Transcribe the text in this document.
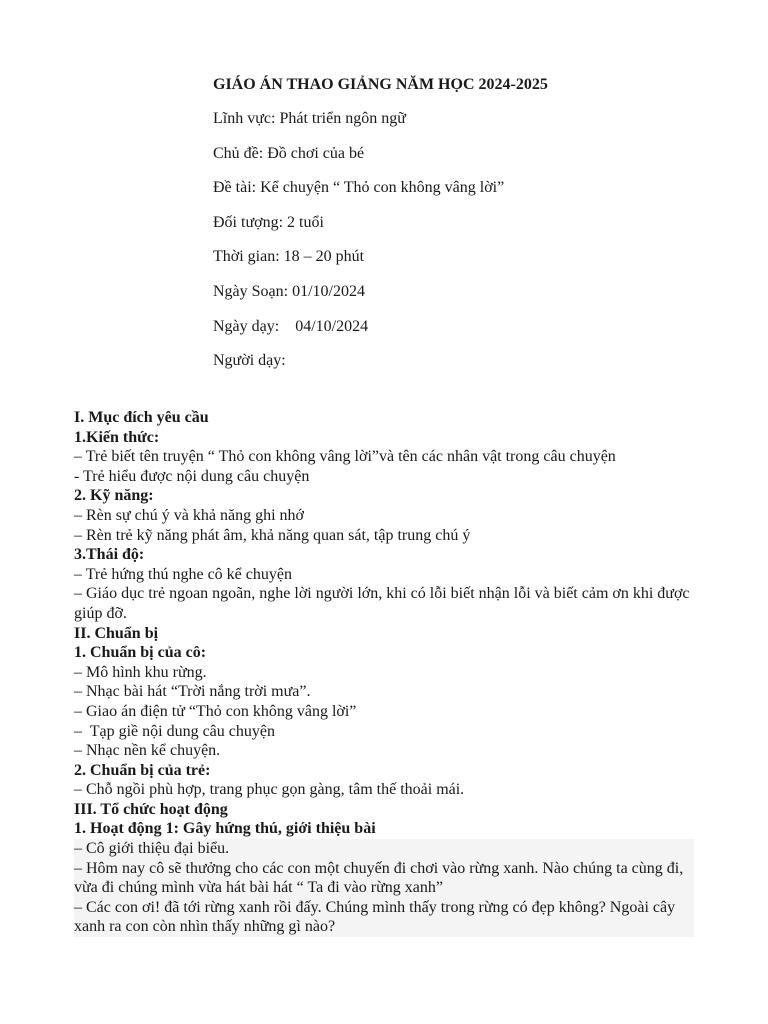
GIÁO ÁN THAO GIẢNG NĂM HỌC 2024-2025
Lĩnh vực: Phát triển ngôn ngữ
Chủ đề: Đồ chơi của bé
Đề tài: Kể chuyện “ Thỏ con không vâng lời”
Đối tượng: 2 tuổi
Thời gian: 18 – 20 phút
Ngày Soạn: 01/10/2024
Ngày dạy:    04/10/2024
Người dạy:
I. Mục đích yêu cầu
1.Kiến thức:
– Trẻ biết tên truyện “ Thỏ con không vâng lời”và tên các nhân vật trong câu chuyện
- Trẻ hiểu được nội dung câu chuyện
2. Kỹ năng:
– Rèn sự chú ý và khả năng ghi nhớ
– Rèn trẻ kỹ năng phát âm, khả năng quan sát, tập trung chú ý
3.Thái độ:
– Trẻ hứng thú nghe cô kể chuyện
– Giáo dục trẻ ngoan ngoãn, nghe lời người lớn, khi có lỗi biết nhận lỗi và biết cảm ơn khi được giúp đỡ.
II. Chuẩn bị
1. Chuẩn bị của cô:
– Mô hình khu rừng.
– Nhạc bài hát “Trời nắng trời mưa”.
– Giao án điện tử “Thỏ con không vâng lời”
–  Tạp giề nội dung câu chuyện
– Nhạc nền kể chuyện.
2. Chuẩn bị của trẻ:
– Chỗ ngồi phù hợp, trang phục gọn gàng, tâm thế thoải mái.
III. Tổ chức hoạt động
1. Hoạt động 1: Gây hứng thú, giới thiệu bài
– Cô giới thiệu đại biểu.
– Hôm nay cô sẽ thưởng cho các con một chuyến đi chơi vào rừng xanh. Nào chúng ta cùng đi, vừa đi chúng mình vừa hát bài hát “ Ta đi vào rừng xanh”
– Các con ơi! đã tới rừng xanh rồi đấy. Chúng mình thấy trong rừng có đẹp không? Ngoài cây xanh ra con còn nhìn thấy những gì nào?
